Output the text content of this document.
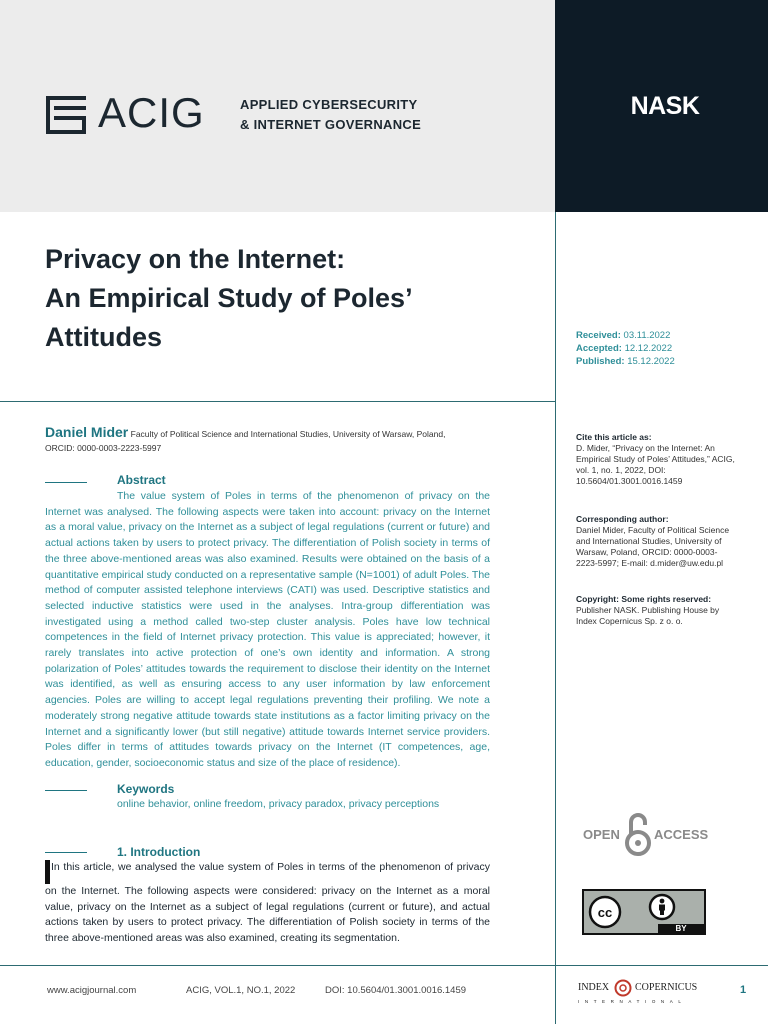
ACIG	APPLIED CYBERSECURITY
& INTERNET GOVERNANCE
NASK
Privacy on the Internet:
An Empirical Study of Poles’
Attitudes	Received: 03.11.2022
Accepted: 12.12.2022
Published: 15.12.2022
Daniel Mider Faculty of Political Science and International Studies, University of Warsaw, Poland,
ORCID: 0000-0003-2223-5997
Abstract

The value system of Poles in terms of the phenomenon of privacy on the Internet was analysed. The following aspects were taken into account: privacy on the Internet as a moral value, privacy on the Internet as a subject of legal regulations (current or future) and actual actions taken by users to protect privacy. The differentiation of Polish society in terms of the three above-mentioned areas was also examined. Results were obtained on the basis of a quantitative empirical study conducted on a representative sample (N=1001) of adult Poles. The method of computer assisted telephone interviews (CATI) was used. Descriptive statistics and selected inductive statistics were used in the analyses. Intra-group differentiation was investigated using a method called two-step cluster analysis. Poles have low technical competences in the field of Internet privacy protection. This value is appreciated; however, it rarely translates into active protection of one’s own identity and information. A strong polarization of Poles’ attitudes towards the requirement to disclose their identity on the Internet was identified, as well as ensuring access to any user information by law enforcement agencies. Poles are willing to accept legal regulations preventing their profiling. We note a moderately strong negative attitude towards state institutions as a factor limiting privacy on the Internet and a significantly lower (but still negative) attitude towards Internet service providers. Poles differ in terms of attitudes towards privacy on the Internet (IT competences, age, education, gender, socioeconomic status and size of the place of residence).

Keywords
online behavior, online freedom, privacy paradox, privacy perceptions
1. Introduction

In this article, we analysed the value system of Poles in terms of the phenomenon of privacy on the Internet. The following aspects were considered: privacy on the Internet as a moral value, privacy on the Internet as a subject of legal regulations (current or future), and actual actions taken by users to protect privacy. The differentiation of Polish society in terms of the three above-mentioned areas was also examined, creating its segmentation.

Cite this article as:
D. Mider, “Privacy on the Internet: An Empirical Study of Poles’ Attitudes,” ACIG, vol. 1, no. 1, 2022, DOI: 10.5604/01.3001.0016.1459
Corresponding author:
Daniel Mider, Faculty of Political Science and International Studies, University of Warsaw, Poland, ORCID: 0000-0003-2223-5997; E-mail: d.mider@uw.edu.pl
Copyright: Some rights reserved:
Publisher NASK. Publishing House by Index Copernicus Sp. z o. o.
OPEN	ACCESS
cc
BY
www.acigjournal.com	ACIG, VOL.1, NO.1, 2022	DOI: 10.5604/01.3001.0016.1459	INDEX	COPERNICUS
INTERNATIONAL
1
